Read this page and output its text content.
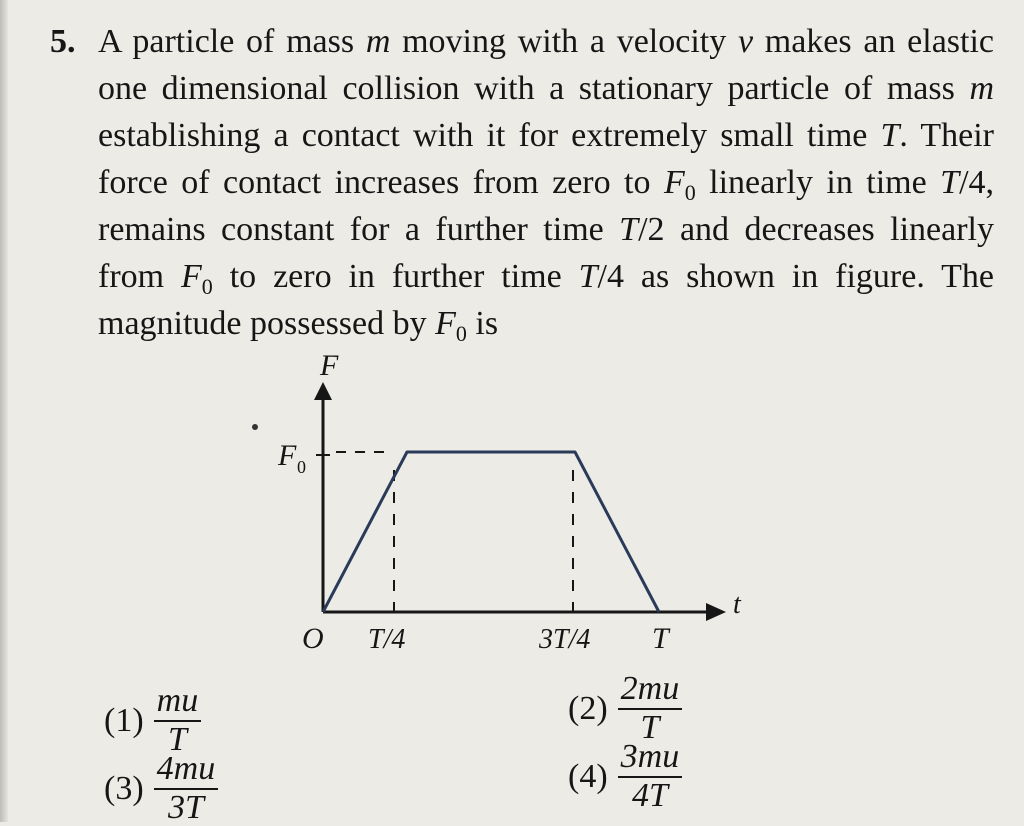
5. A particle of mass m moving with a velocity v makes an elastic one dimensional collision with a stationary particle of mass m establishing a contact with it for extremely small time T. Their force of contact increases from zero to $F_0$ linearly in time T/4, remains constant for a further time T/2 and decreases linearly from $F_0$ to zero in further time T/4 as shown in figure. The magnitude possessed by $F_0$ is
F
F 0
t
O T/4	3T/4 T
$(1) \frac{mu}{T}$	$(2) \frac{2mu}{T}$
$(3) \frac{4mu}{3T}$	$(4) \frac{3mu}{4T}$
